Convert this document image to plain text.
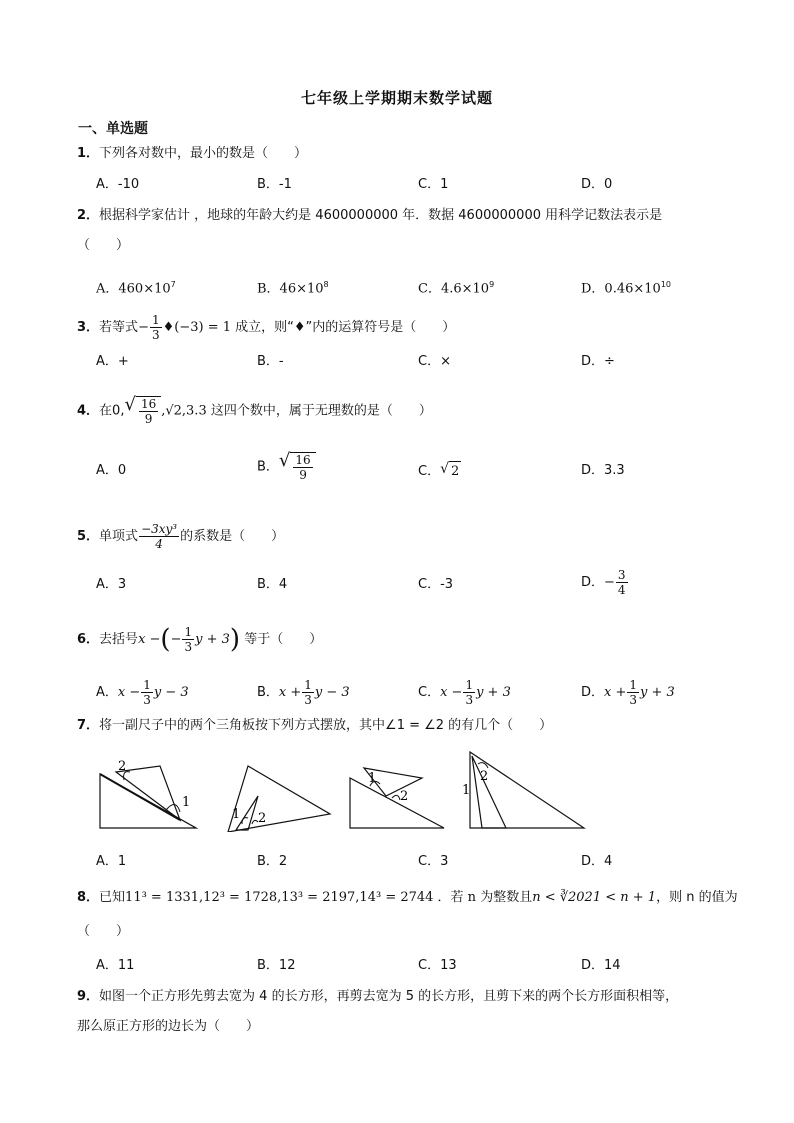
七年级上学期期末数学试题
一、单选题
1．下列各对数中，最小的数是（　　）
A．-10	B．-1	C．1	D．0
2．根据科学家估计 ，地球的年龄大约是 4600000000 年．数据 4600000000 用科学记数法表示是
（　　）
A．$460\times 10^7$	B．$46\times 10^8$	C．$4.6\times 10^9$	D．$0.46\times 10^{10}$
3．若等式− $\frac{1}{3}$ ♦(−3) = 1 成立，则“♦”内的运算符号是（　　）
A．+	B．-	C．×	D．÷
4．在0, √ $\frac{16}{9} ,√2,3.3$ 这四个数中，属于无理数的是（　　）
A．0	B． √ $\frac{16}{9}$	C． √ 2	D．3.3
5．单项式 $\frac{\text{−3xy³}}{4}$ 的系数是（　　）
A．3	B．4	C．-3	D．− $\frac{3}{4}$
6．去括号x −(− $\frac{1}{3}$ y + 3) 等于（　　）
A．$x - \frac{1}{3}$ y − 3	B．$x + \frac{1}{3}$ y − 3	C．$x - \frac{1}{3}$ y + 3	D．$x + \frac{1}{3}$ y + 3
7．将一副尺子中的两个三角板按下列方式摆放，其中∠1 = ∠2 的有几个（　　）
2
1
1 2
1
2	1
2
A．1	B．2	C．3	D．4
8．已知11³ = 1331,12³ = 1728,13³ = 2197,14³ = 2744 ．若 n 为整数且n < ∛2021 < n + 1，则 n 的值为
（　　）
A．11	B．12	C．13	D．14
9．如图一个正方形先剪去宽为 4 的长方形，再剪去宽为 5 的长方形，且剪下来的两个长方形面积相等，
那么原正方形的边长为（　　）
